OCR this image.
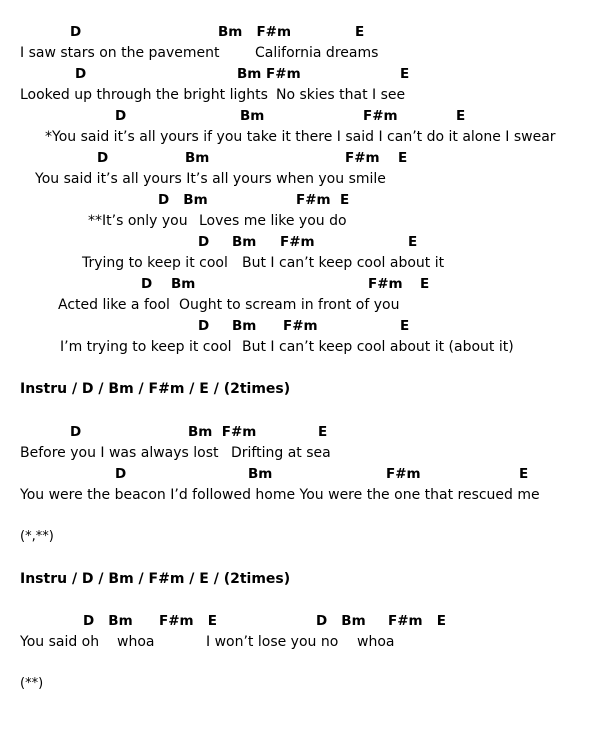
D	Bm   F#m	E
I saw stars on the pavement	California dreams
D	Bm F#m	E
Looked up through the bright lights No skies that I see
D	Bm	F#m	E
*You said it’s all yours if you take it there I said I can’t do it alone I swear
D	Bm	F#m E
You said it’s all yours It’s all yours when you smile
D   Bm	F#m  E
**It’s only you Loves me like you do
D Bm F#m	E
Trying to keep it cool But I can’t keep cool about it
D    Bm	F#m E
Acted like a fool Ought to scream in front of you
D Bm F#m	E
I’m trying to keep it cool But I can’t keep cool about it (about it)
Instru / D / Bm / F#m / E / (2times)
D	Bm  F#m	E
Before you I was always lost Drifting at sea
D	Bm	F#m	E
You were the beacon I’d followed home You were the one that rescued me
(*,**)
Instru / D / Bm / F#m / E / (2times)
D   Bm F#m   E	D   Bm F#m   E
You said oh whoa	I won’t lose you no whoa
(**)
